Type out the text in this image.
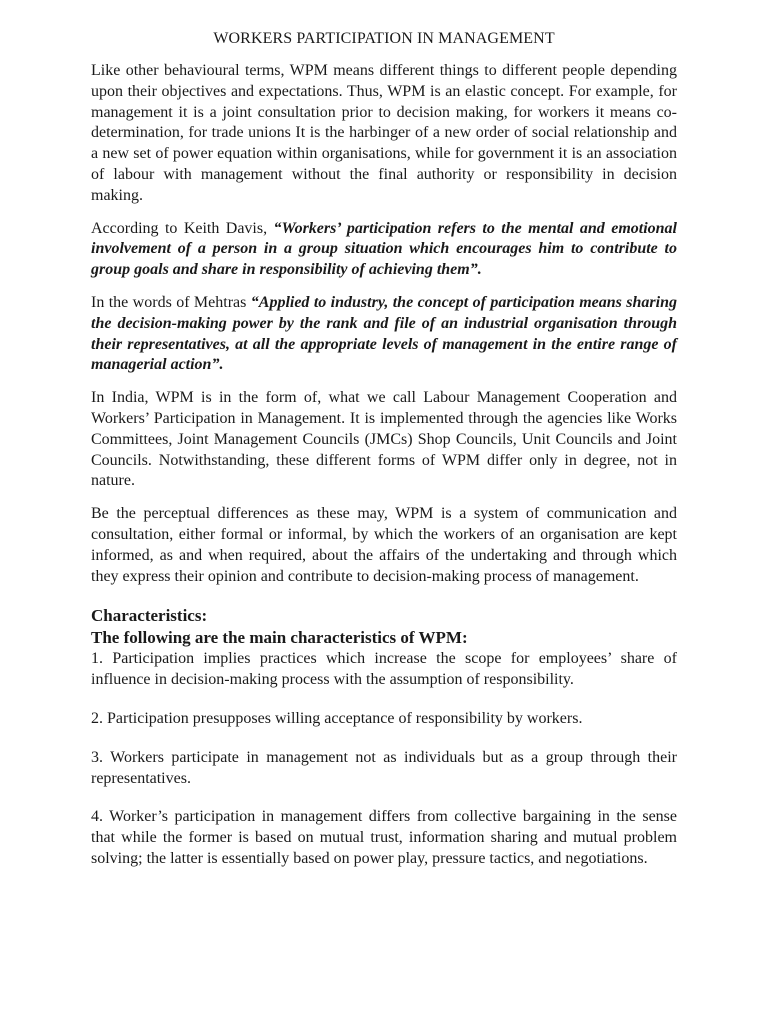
WORKERS PARTICIPATION IN MANAGEMENT

Like other behavioural terms, WPM means different things to different people depending upon their objectives and expectations. Thus, WPM is an elastic concept. For example, for management it is a joint consultation prior to decision making, for workers it means co-determination, for trade unions It is the harbinger of a new order of social relationship and a new set of power equation within organisations, while for government it is an association of labour with management without the final authority or responsibility in decision making.

According to Keith Davis, “Workers’ participation refers to the mental and emotional involvement of a person in a group situation which encourages him to contribute to group goals and share in responsibility of achieving them”.

In the words of Mehtras “Applied to industry, the concept of participation means sharing the decision-making power by the rank and file of an industrial organisation through their representatives, at all the appropriate levels of management in the entire range of managerial action”.

In India, WPM is in the form of, what we call Labour Management Cooperation and Workers’ Participation in Management. It is implemented through the agencies like Works Committees, Joint Management Councils (JMCs) Shop Councils, Unit Councils and Joint Councils. Notwithstanding, these different forms of WPM differ only in degree, not in nature.

Be the perceptual differences as these may, WPM is a system of communication and consultation, either formal or informal, by which the workers of an organisation are kept informed, as and when required, about the affairs of the undertaking and through which they express their opinion and contribute to decision-making process of management.

Characteristics:
The following are the main characteristics of WPM:

1. Participation implies practices which increase the scope for employees’ share of influence in decision-making process with the assumption of responsibility.

2. Participation presupposes willing acceptance of responsibility by workers.

3. Workers participate in management not as individuals but as a group through their representatives.

4. Worker’s participation in management differs from collective bargaining in the sense that while the former is based on mutual trust, information sharing and mutual problem solving; the latter is essentially based on power play, pressure tactics, and negotiations.
